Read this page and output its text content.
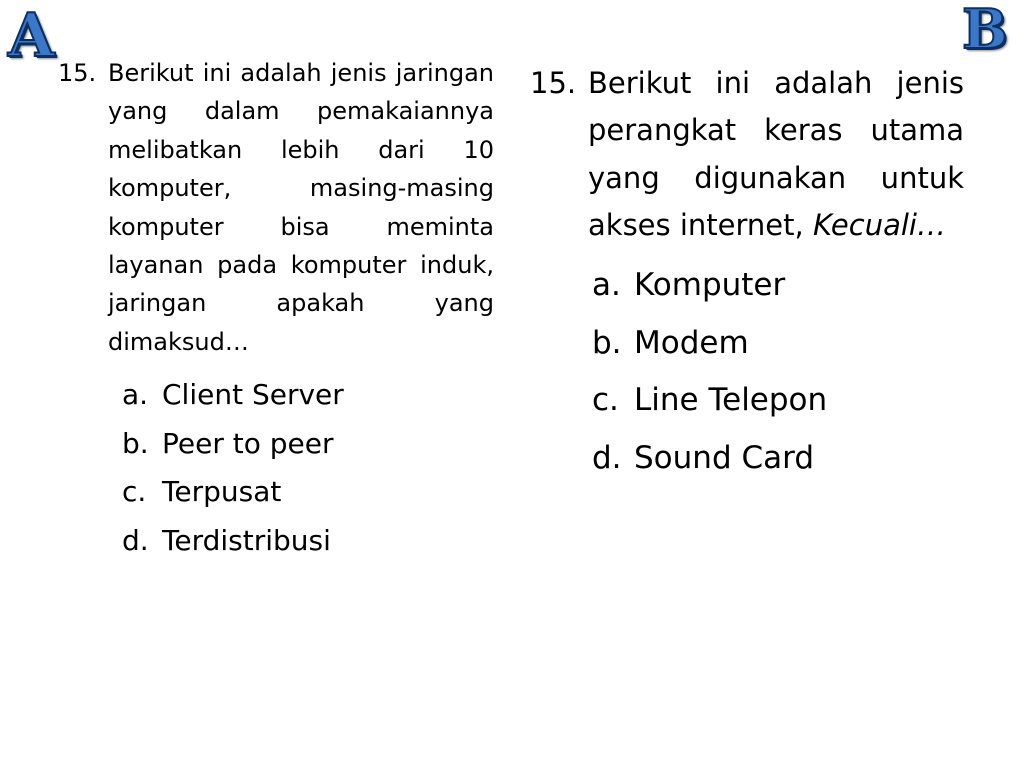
A	B
15. Berikut ini adalah jenis jaringan yang dalam pemakaiannya melibatkan lebih dari 10 komputer, masing-masing komputer bisa meminta layanan pada komputer induk, jaringan apakah yang dimaksud…
a. Client Server
b. Peer to peer
c. Terpusat
d. Terdistribusi
15. Berikut ini adalah jenis perangkat keras utama yang digunakan untuk akses internet, Kecuali…
a. Komputer
b. Modem
c. Line Telepon
d. Sound Card
